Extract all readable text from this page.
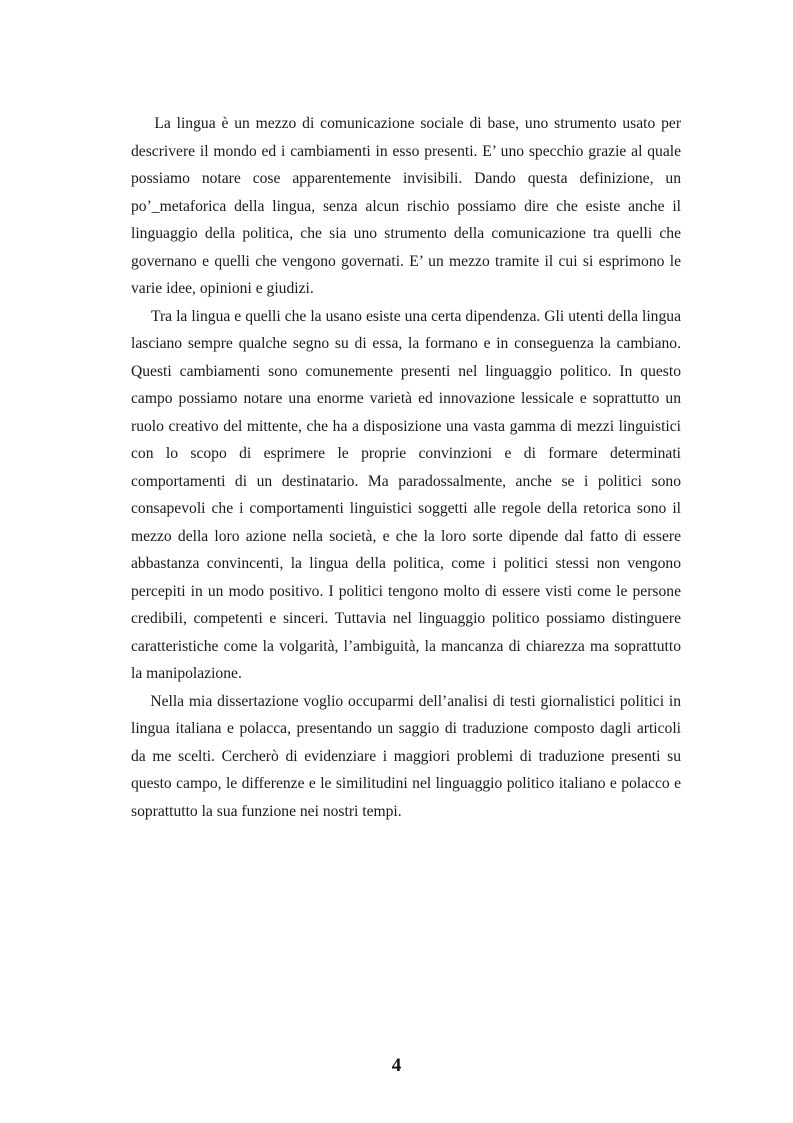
La lingua è un mezzo di comunicazione sociale di base, uno strumento usato per descrivere il mondo ed i cambiamenti in esso presenti. E’ uno specchio grazie al quale possiamo notare cose apparentemente invisibili. Dando questa definizione, un po’_metaforica della lingua, senza alcun rischio possiamo dire che esiste anche il linguaggio della politica, che sia uno strumento della comunicazione tra quelli che governano e quelli che vengono governati. E’ un mezzo tramite il cui si esprimono le varie idee, opinioni e giudizi.

Tra la lingua e quelli che la usano esiste una certa dipendenza. Gli utenti della lingua lasciano sempre qualche segno su di essa, la formano e in conseguenza la cambiano. Questi cambiamenti sono comunemente presenti nel linguaggio politico. In questo campo possiamo notare una enorme varietà ed innovazione lessicale e soprattutto un ruolo creativo del mittente, che ha a disposizione una vasta gamma di mezzi linguistici con lo scopo di esprimere le proprie convinzioni e di formare determinati comportamenti di un destinatario. Ma paradossalmente, anche se i politici sono consapevoli che i comportamenti linguistici soggetti alle regole della retorica sono il mezzo della loro azione nella società, e che la loro sorte dipende dal fatto di essere abbastanza convincenti, la lingua della politica, come i politici stessi non vengono percepiti in un modo positivo. I politici tengono molto di essere visti come le persone credibili, competenti e sinceri. Tuttavia nel linguaggio politico possiamo distinguere caratteristiche come la volgarità, l’ambiguità, la mancanza di chiarezza ma soprattutto la manipolazione.

Nella mia dissertazione voglio occuparmi dell’analisi di testi giornalistici politici in lingua italiana e polacca, presentando un saggio di traduzione composto dagli articoli da me scelti. Cercherò di evidenziare i maggiori problemi di traduzione presenti su questo campo, le differenze e le similitudini nel linguaggio politico italiano e polacco e soprattutto la sua funzione nei nostri tempi.

4
